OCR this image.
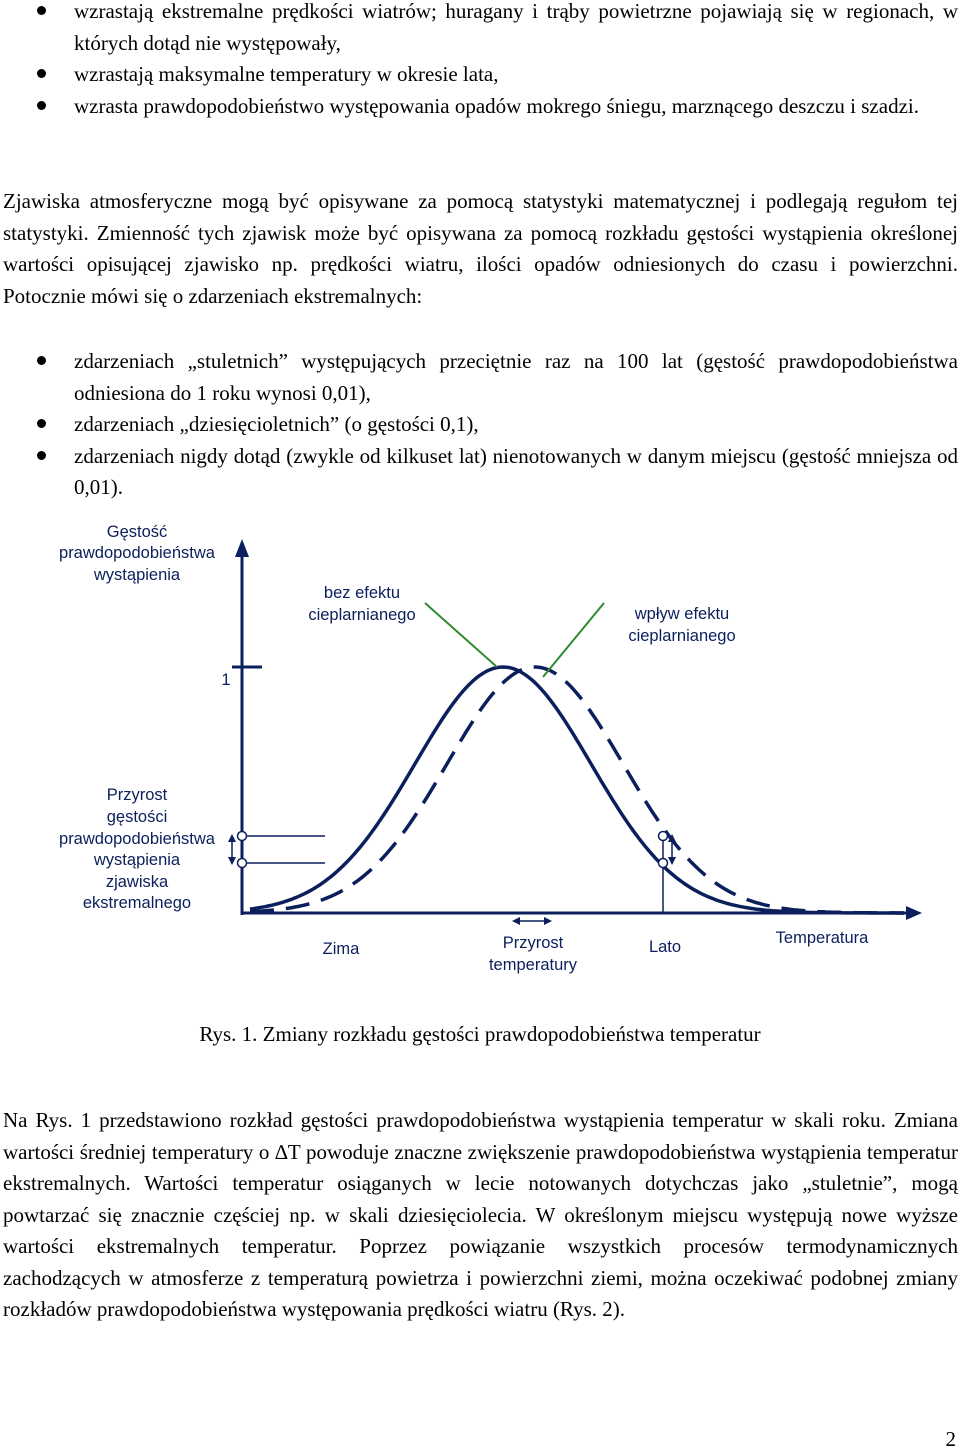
wzrastają ekstremalne prędkości wiatrów; huragany i trąby powietrzne pojawiają się w regionach, w których dotąd nie występowały,
wzrastają maksymalne temperatury w okresie lata,
wzrasta prawdopodobieństwo występowania opadów mokrego śniegu, marznącego deszczu i szadzi.

Zjawiska atmosferyczne mogą być opisywane za pomocą statystyki matematycznej i podlegają regułom tej statystyki. Zmienność tych zjawisk może być opisywana za pomocą rozkładu gęstości wystąpienia określonej wartości opisującej zjawisko np. prędkości wiatru, ilości opadów odniesionych do czasu i powierzchni. Potocznie mówi się o zdarzeniach ekstremalnych:

zdarzeniach „stuletnich” występujących przeciętnie raz na 100 lat (gęstość prawdopodobieństwa odniesiona do 1 roku wynosi 0,01),
zdarzeniach „dziesięcioletnich” (o gęstości 0,1),
zdarzeniach nigdy dotąd (zwykle od kilkuset lat) nienotowanych w danym miejscu (gęstość mniejsza od 0,01).
Gęstość
prawdopodobieństwa
wystąpienia
1
Przyrost
gęstości
prawdopodobieństwa
wystąpienia
zjawiska
ekstremalnego
bez efektu
cieplarnianego	wpływ efektu
cieplarnianego
Zima	Lato	Temperatura
Przyrost
temperatury

Rys. 1. Zmiany rozkładu gęstości prawdopodobieństwa temperatur

Na Rys. 1 przedstawiono rozkład gęstości prawdopodobieństwa wystąpienia temperatur w skali roku. Zmiana wartości średniej temperatury o ∆T powoduje znaczne zwiększenie prawdopodobieństwa wystąpienia temperatur ekstremalnych. Wartości temperatur osiąganych w lecie notowanych dotychczas jako „stuletnie”, mogą powtarzać się znacznie częściej np. w skali dziesięciolecia. W określonym miejscu występują nowe wyższe wartości ekstremalnych temperatur. Poprzez powiązanie wszystkich procesów termodynamicznych zachodzących w atmosferze z temperaturą powietrza i powierzchni ziemi, można oczekiwać podobnej zmiany rozkładów prawdopodobieństwa występowania prędkości wiatru (Rys. 2).

2
